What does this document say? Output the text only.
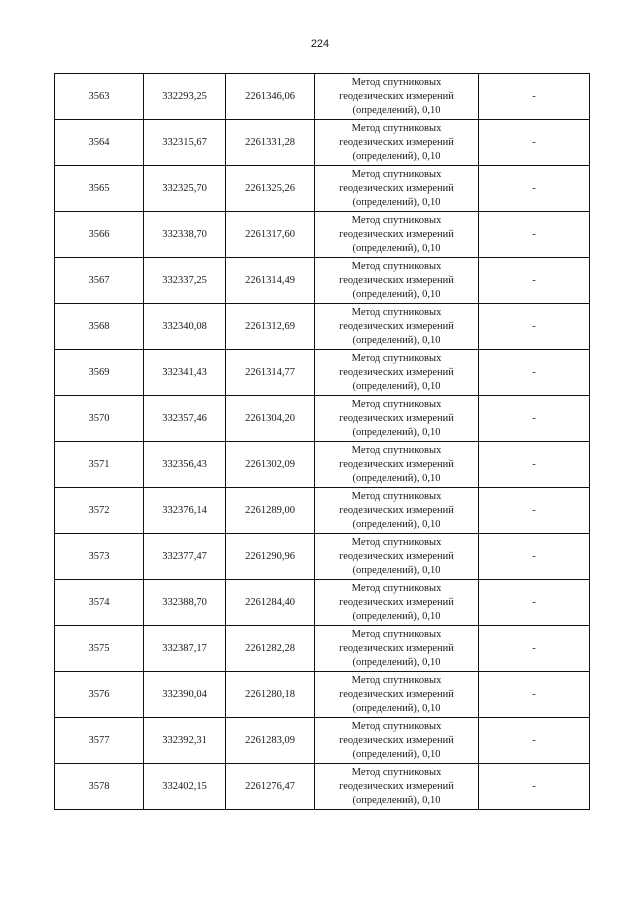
224
3563	332293,25	2261346,06	Метод спутниковых
геодезических измерений
(определений), 0,10	-
3564	332315,67	2261331,28	Метод спутниковых
геодезических измерений
(определений), 0,10	-
3565	332325,70	2261325,26	Метод спутниковых
геодезических измерений
(определений), 0,10	-
3566	332338,70	2261317,60	Метод спутниковых
геодезических измерений
(определений), 0,10	-
3567	332337,25	2261314,49	Метод спутниковых
геодезических измерений
(определений), 0,10	-
3568	332340,08	2261312,69	Метод спутниковых
геодезических измерений
(определений), 0,10	-
3569	332341,43	2261314,77	Метод спутниковых
геодезических измерений
(определений), 0,10	-
3570	332357,46	2261304,20	Метод спутниковых
геодезических измерений
(определений), 0,10	-
3571	332356,43	2261302,09	Метод спутниковых
геодезических измерений
(определений), 0,10	-
3572	332376,14	2261289,00	Метод спутниковых
геодезических измерений
(определений), 0,10	-
3573	332377,47	2261290,96	Метод спутниковых
геодезических измерений
(определений), 0,10	-
3574	332388,70	2261284,40	Метод спутниковых
геодезических измерений
(определений), 0,10	-
3575	332387,17	2261282,28	Метод спутниковых
геодезических измерений
(определений), 0,10	-
3576	332390,04	2261280,18	Метод спутниковых
геодезических измерений
(определений), 0,10	-
3577	332392,31	2261283,09	Метод спутниковых
геодезических измерений
(определений), 0,10	-
3578	332402,15	2261276,47	Метод спутниковых
геодезических измерений
(определений), 0,10	-
